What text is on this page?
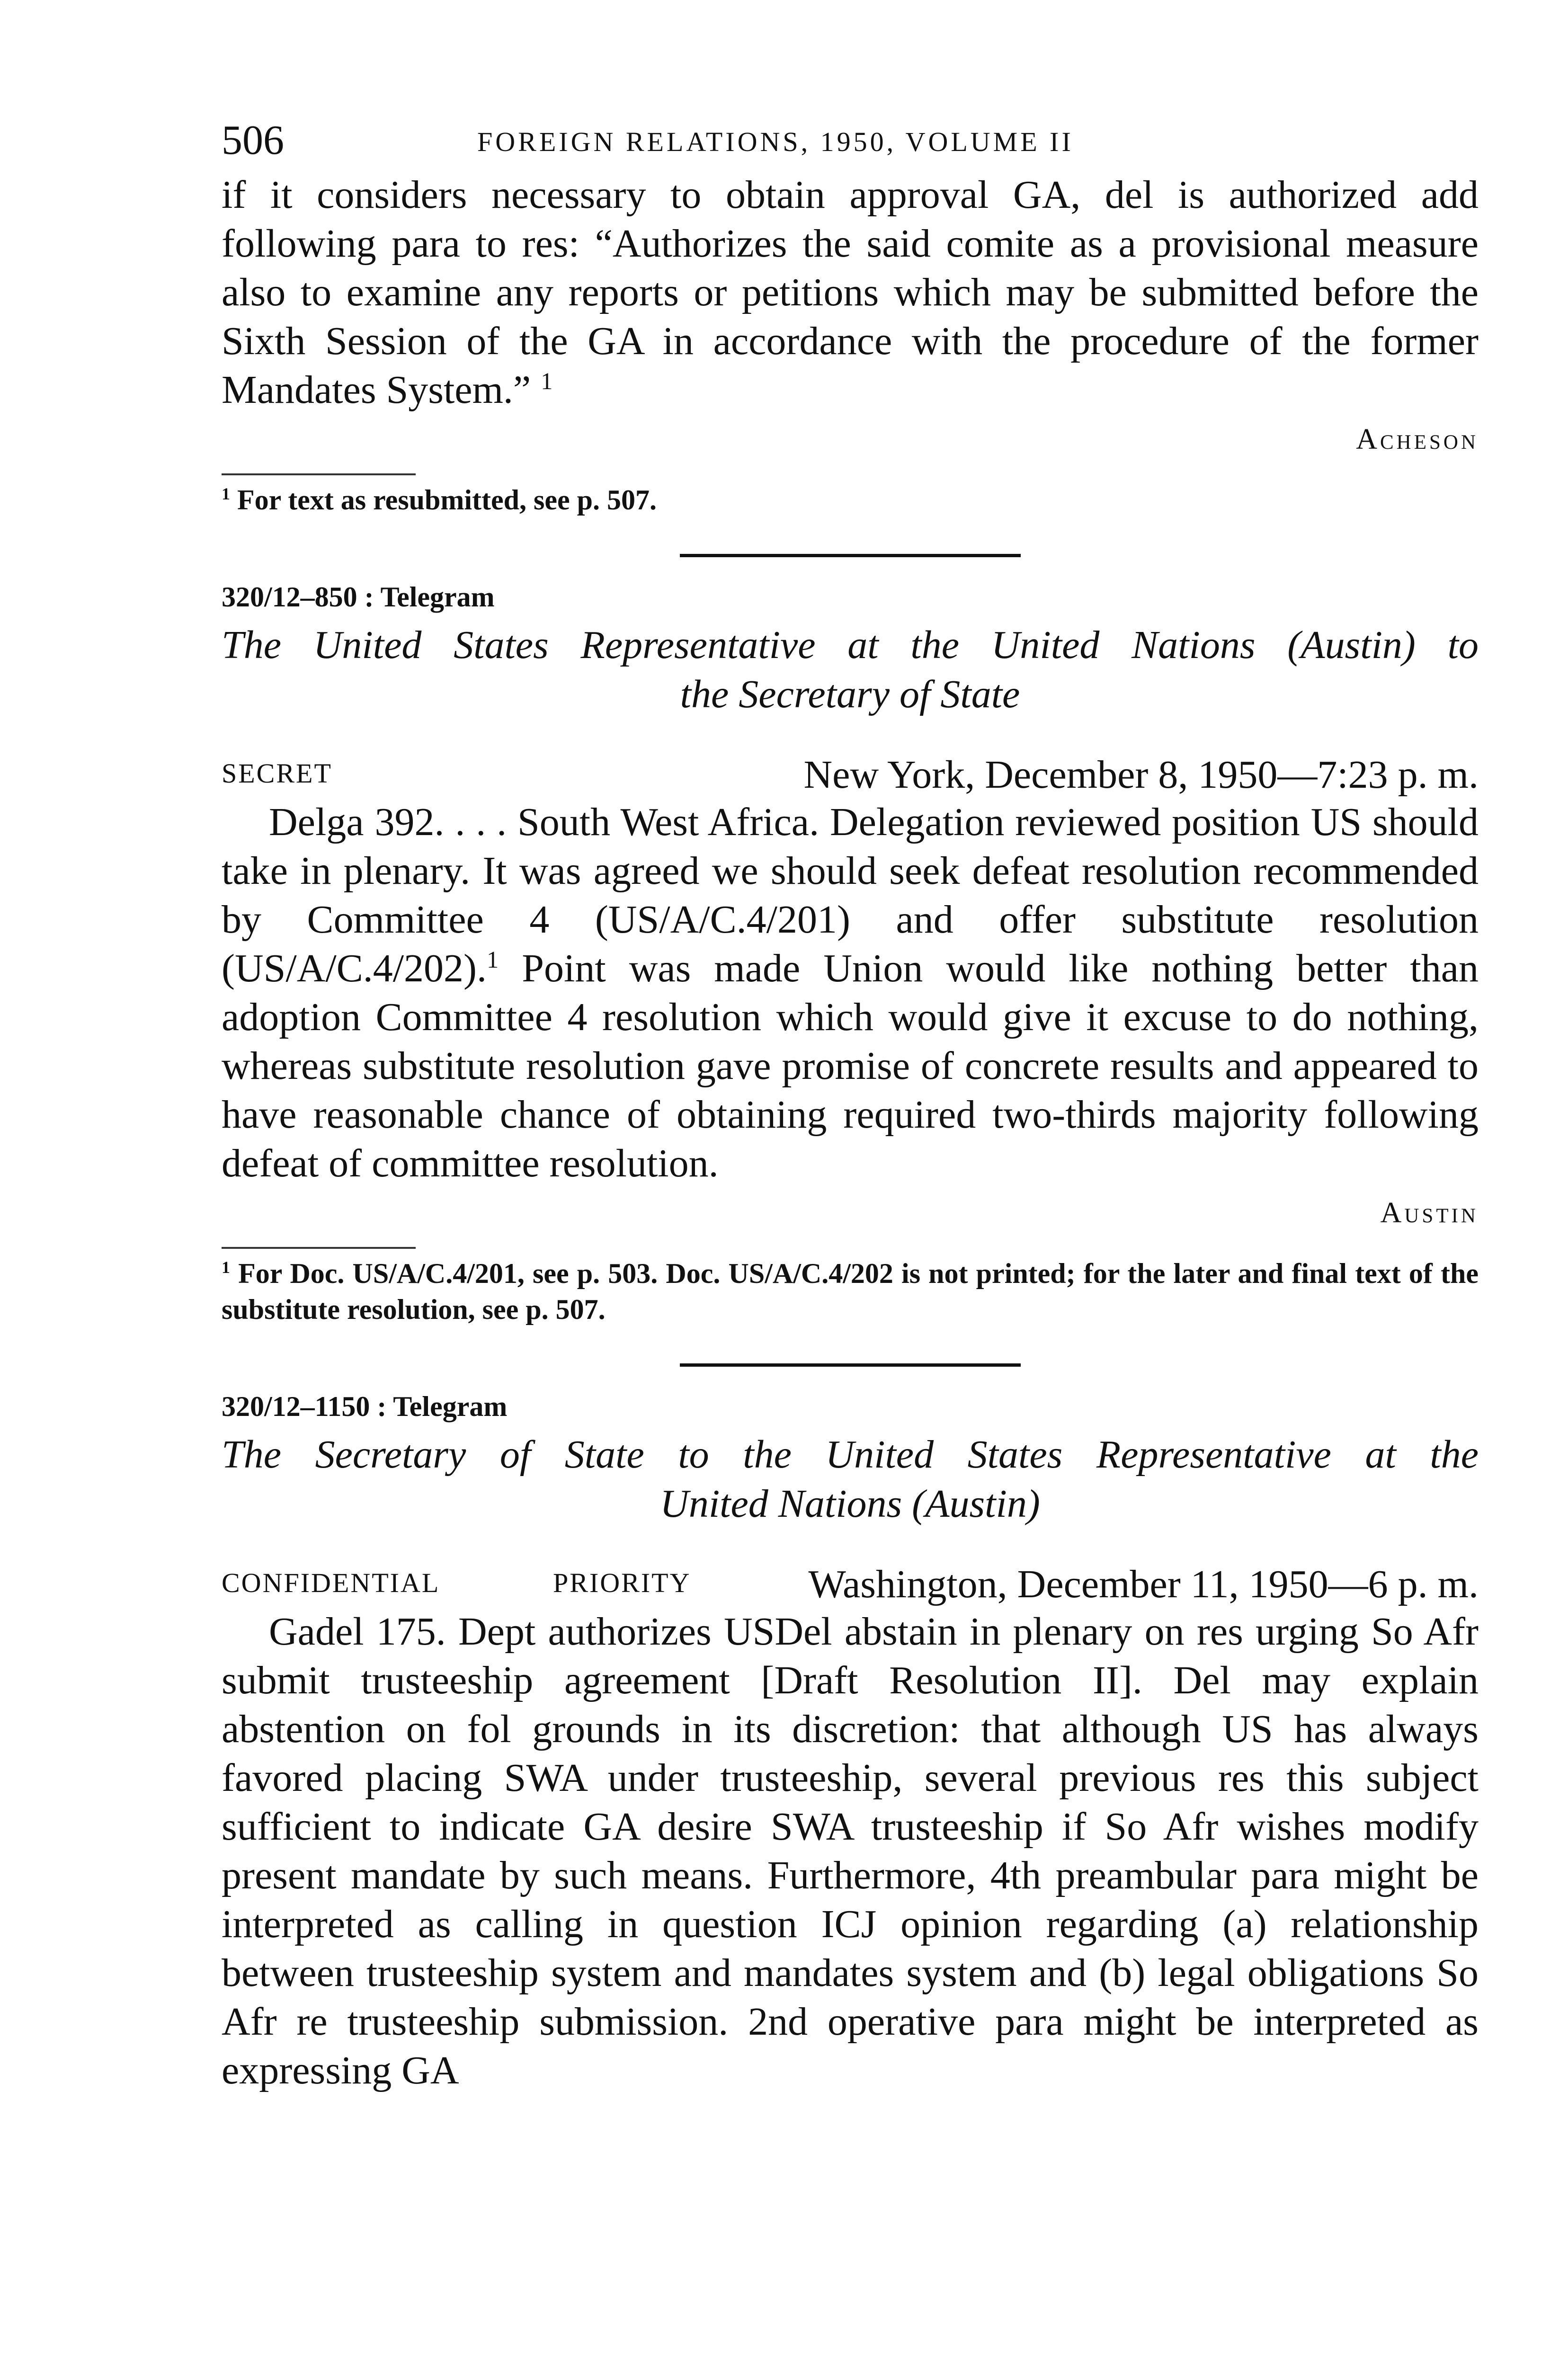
506	FOREIGN RELATIONS, 1950, VOLUME II

if it considers necessary to obtain approval GA, del is authorized add following para to res: “Authorizes the said comite as a provisional measure also to examine any reports or petitions which may be submitted before the Sixth Session of the GA in accordance with the procedure of the former Mandates System.” $^1$

Acheson
$^1$ For text as resubmitted, see p. 507.
320/12–850 : Telegram
The United States Representative at the United Nations (Austin) to
the Secretary of State
SECRET	New York, December 8, 1950—7:23 p. m.

Delga 392. . . . South West Africa. Delegation reviewed position US should take in plenary. It was agreed we should seek defeat resolution recommended by Committee 4 (US/A/C.4/201) and offer substitute resolution (US/A/C.4/202).$^1$ Point was made Union would like nothing better than adoption Committee 4 resolution which would give it excuse to do nothing, whereas substitute resolution gave promise of concrete results and appeared to have reasonable chance of obtaining required two-thirds majority following defeat of committee resolution.

Austin
$^1$ For Doc. US/A/C.4/201, see p. 503. Doc. US/A/C.4/202 is not printed; for the later and final text of the substitute resolution, see p. 507.
320/12–1150 : Telegram
The Secretary of State to the United States Representative at the
United Nations (Austin)
CONFIDENTIAL	PRIORITY	Washington, December 11, 1950—6 p. m.

Gadel 175. Dept authorizes USDel abstain in plenary on res urging So Afr submit trusteeship agreement [Draft Resolution II]. Del may explain abstention on fol grounds in its discretion: that although US has always favored placing SWA under trusteeship, several previous res this subject sufficient to indicate GA desire SWA trusteeship if So Afr wishes modify present mandate by such means. Furthermore, 4th preambular para might be interpreted as calling in question ICJ opinion regarding (a) relationship between trusteeship system and mandates system and (b) legal obligations So Afr re trusteeship submission. 2nd operative para might be interpreted as expressing GA
